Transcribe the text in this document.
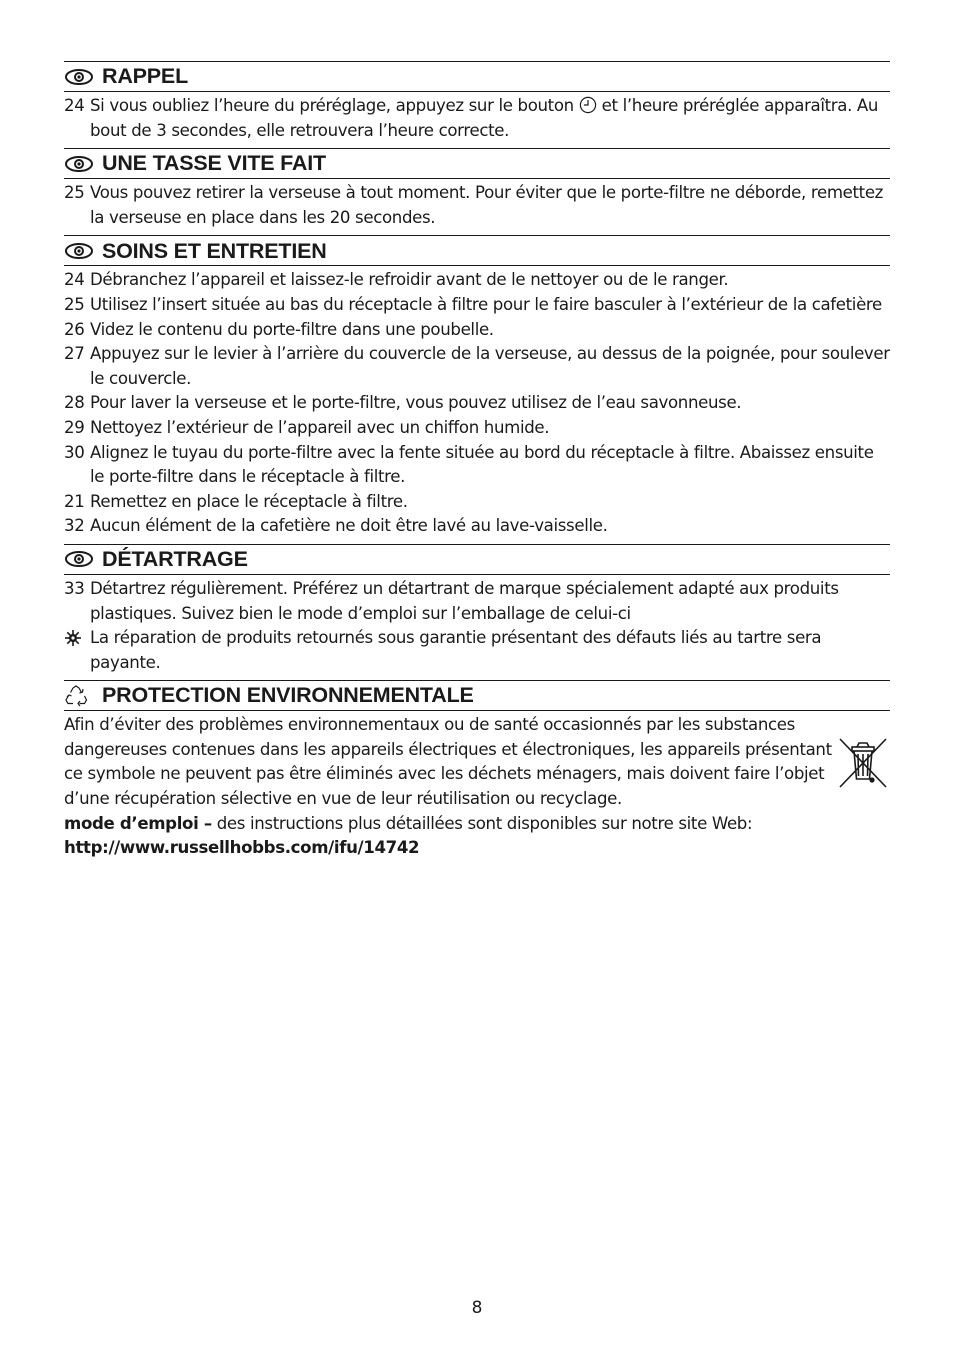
RAPPEL
24 Si vous oubliez l’heure du préréglage, appuyez sur le bouton  et l’heure préréglée apparaîtra. Au bout de 3 secondes, elle retrouvera l’heure correcte.
UNE TASSE VITE FAIT
25 Vous pouvez retirer la verseuse à tout moment. Pour éviter que le porte-filtre ne déborde, remettez la verseuse en place dans les 20 secondes.
SOINS ET ENTRETIEN
24 Débranchez l’appareil et laissez-le refroidir avant de le nettoyer ou de le ranger.
25 Utilisez l’insert située au bas du réceptacle à filtre pour le faire basculer à l’extérieur de la cafetière
26 Videz le contenu du porte-filtre dans une poubelle.
27 Appuyez sur le levier à l’arrière du couvercle de la verseuse, au dessus de la poignée, pour soulever le couvercle.
28 Pour laver la verseuse et le porte-filtre, vous pouvez utilisez de l’eau savonneuse.
29 Nettoyez l’extérieur de l’appareil avec un chiffon humide.
30 Alignez le tuyau du porte-filtre avec la fente située au bord du réceptacle à filtre. Abaissez ensuite le porte-filtre dans le réceptacle à filtre.
21 Remettez en place le réceptacle à filtre.
32 Aucun élément de la cafetière ne doit être lavé au lave-vaisselle.
DÉTARTRAGE
33 Détartrez régulièrement. Préférez un détartrant de marque spécialement adapté aux produits plastiques. Suivez bien le mode d’emploi sur l’emballage de celui-ci
La réparation de produits retournés sous garantie présentant des défauts liés au tartre sera payante.
PROTECTION ENVIRONNEMENTALE
Afin d’éviter des problèmes environnementaux ou de santé occasionnés par les substances dangereuses contenues dans les appareils électriques et électroniques, les appareils présentant ce symbole ne peuvent pas être éliminés avec les déchets ménagers, mais doivent faire l’objet d’une récupération sélective en vue de leur réutilisation ou recyclage.
mode d’emploi – des instructions plus détaillées sont disponibles sur notre site Web:
http://www.russellhobbs.com/ifu/14742
8
